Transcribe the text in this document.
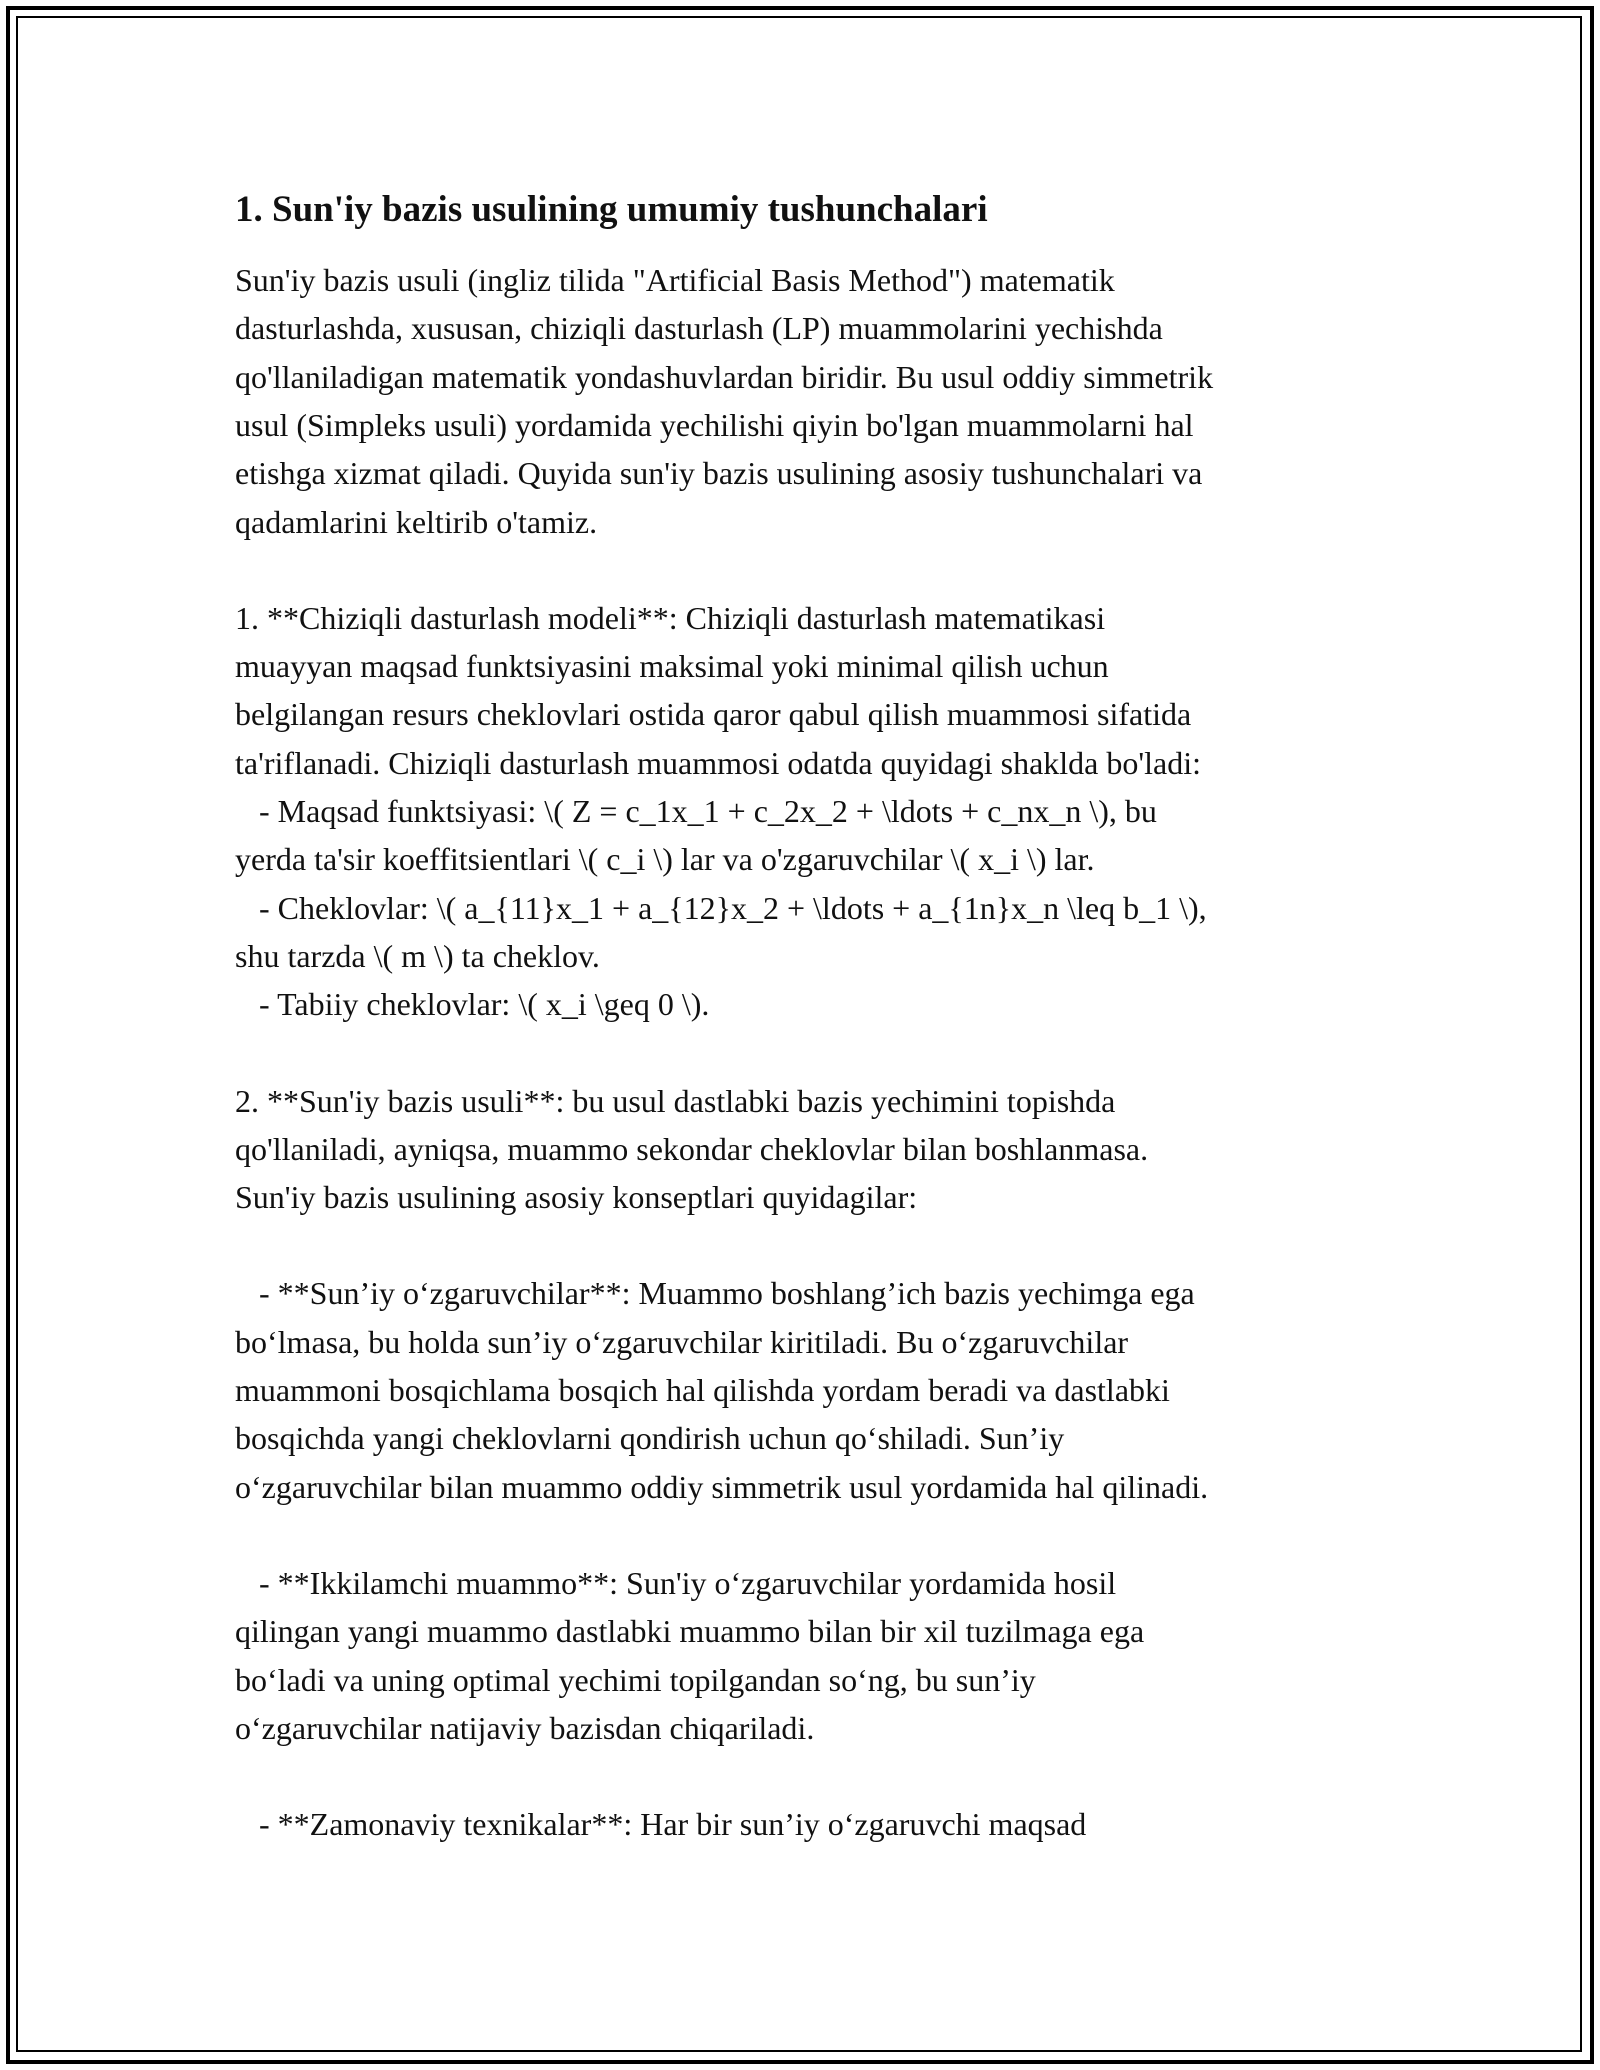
1. Sun'iy bazis usulining umumiy tushunchalari

Sun'iy bazis usuli (ingliz tilida "Artificial Basis Method") matematik
dasturlashda, xususan, chiziqli dasturlash (LP) muammolarini yechishda
qo'llaniladigan matematik yondashuvlardan biridir. Bu usul oddiy simmetrik
usul (Simpleks usuli) yordamida yechilishi qiyin bo'lgan muammolarni hal
etishga xizmat qiladi. Quyida sun'iy bazis usulining asosiy tushunchalari va
qadamlarini keltirib o'tamiz.

1. **Chiziqli dasturlash modeli**: Chiziqli dasturlash matematikasi
muayyan maqsad funktsiyasini maksimal yoki minimal qilish uchun
belgilangan resurs cheklovlari ostida qaror qabul qilish muammosi sifatida
ta'riflanadi. Chiziqli dasturlash muammosi odatda quyidagi shaklda bo'ladi:
- Maqsad funktsiyasi: \( Z = c_1x_1 + c_2x_2 + \ldots + c_nx_n \), bu
yerda ta'sir koeffitsientlari \( c_i \) lar va o'zgaruvchilar \( x_i \) lar.
- Cheklovlar: \( a_{11}x_1 + a_{12}x_2 + \ldots + a_{1n}x_n \leq b_1 \),
shu tarzda \( m \) ta cheklov.
- Tabiiy cheklovlar: \( x_i \geq 0 \).

2. **Sun'iy bazis usuli**: bu usul dastlabki bazis yechimini topishda
qo'llaniladi, ayniqsa, muammo sekondar cheklovlar bilan boshlanmasa.
Sun'iy bazis usulining asosiy konseptlari quyidagilar:

- **Sun’iy o‘zgaruvchilar**: Muammo boshlang’ich bazis yechimga ega
bo‘lmasa, bu holda sun’iy o‘zgaruvchilar kiritiladi. Bu o‘zgaruvchilar
muammoni bosqichlama bosqich hal qilishda yordam beradi va dastlabki
bosqichda yangi cheklovlarni qondirish uchun qo‘shiladi. Sun’iy
o‘zgaruvchilar bilan muammo oddiy simmetrik usul yordamida hal qilinadi.

- **Ikkilamchi muammo**: Sun'iy o‘zgaruvchilar yordamida hosil
qilingan yangi muammo dastlabki muammo bilan bir xil tuzilmaga ega
bo‘ladi va uning optimal yechimi topilgandan so‘ng, bu sun’iy
o‘zgaruvchilar natijaviy bazisdan chiqariladi.

- **Zamonaviy texnikalar**: Har bir sun’iy o‘zgaruvchi maqsad
